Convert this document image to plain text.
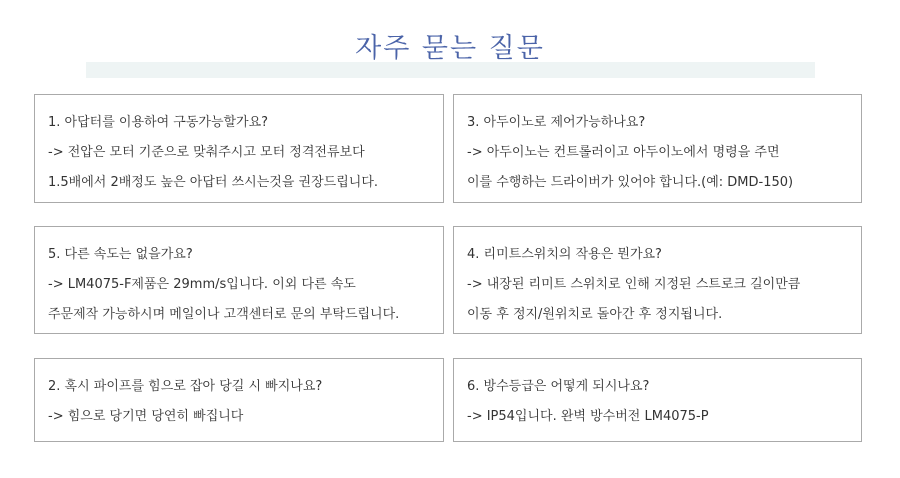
자주 묻는 질문
1. 아답터를 이용하여 구동가능할가요?
-> 전압은 모터 기준으로 맞춰주시고 모터 정격전류보다
1.5배에서 2배정도 높은 아답터 쓰시는것을 권장드립니다.
3. 아두이노로 제어가능하나요?
-> 아두이노는 컨트롤러이고 아두이노에서 명령을 주면
이를 수행하는 드라이버가 있어야 합니다.(예: DMD-150)
5. 다른 속도는 없을가요?
-> LM4075-F제품은 29mm/s입니다. 이외 다른 속도
주문제작 가능하시며 메일이나 고객센터로 문의 부탁드립니다.
4. 리미트스위치의 작용은 뭔가요?
-> 내장된 리미트 스위치로 인해 지정된 스트로크 길이만큼
이동 후 정지/원위치로 돌아간 후 정지됩니다.
2. 혹시 파이프를 힘으로 잡아 당길 시 빠지나요?
-> 힘으로 당기면 당연히 빠집니다
6. 방수등급은 어떻게 되시나요?
-> IP54입니다. 완벽 방수버전 LM4075-P
